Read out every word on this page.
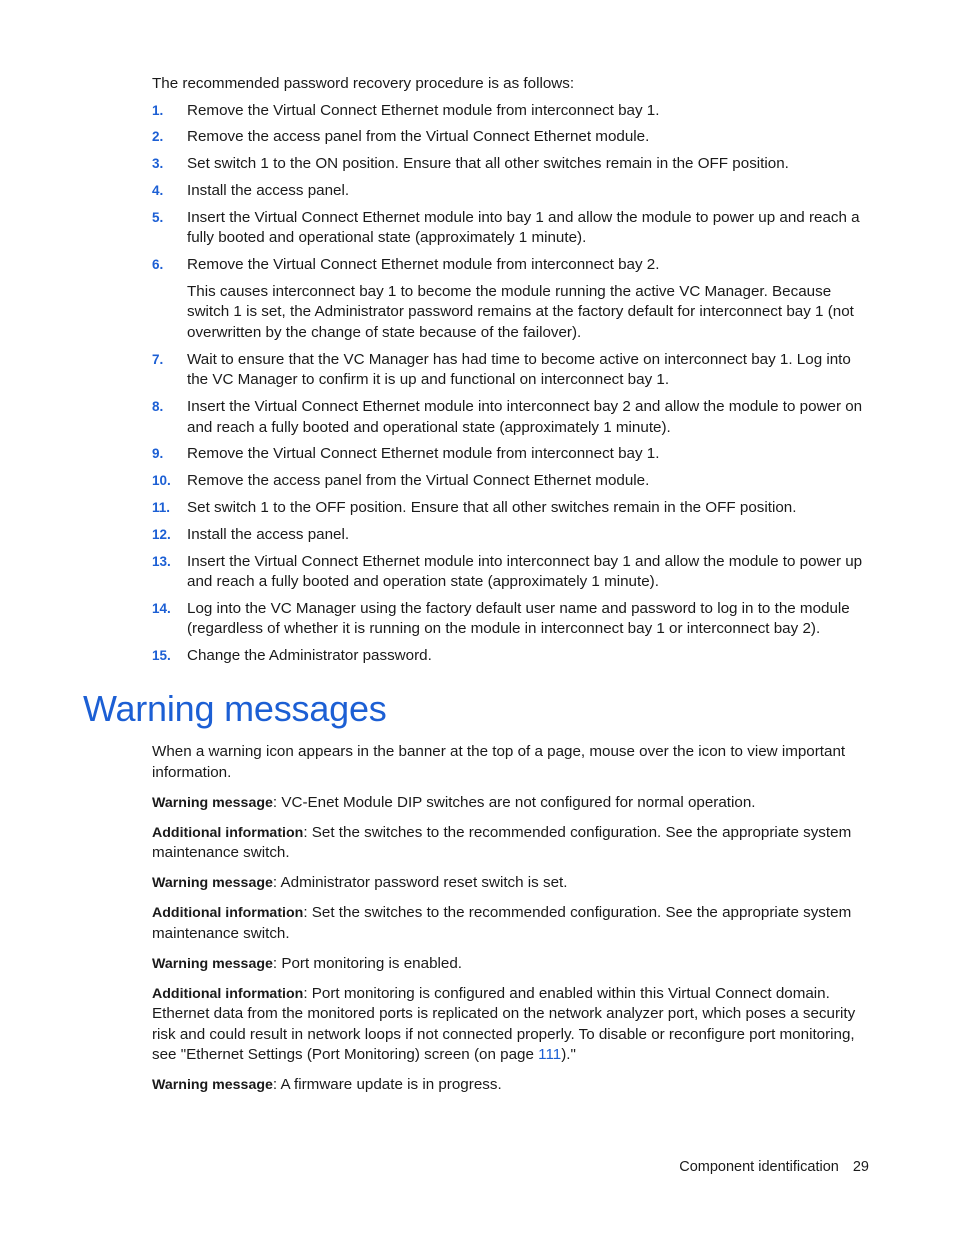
The recommended password recovery procedure is as follows:

1. Remove the Virtual Connect Ethernet module from interconnect bay 1.
2. Remove the access panel from the Virtual Connect Ethernet module.
3. Set switch 1 to the ON position. Ensure that all other switches remain in the OFF position.
4. Install the access panel.
5. Insert the Virtual Connect Ethernet module into bay 1 and allow the module to power up and reach a fully booted and operational state (approximately 1 minute).
6. Remove the Virtual Connect Ethernet module from interconnect bay 2.

This causes interconnect bay 1 to become the module running the active VC Manager. Because switch 1 is set, the Administrator password remains at the factory default for interconnect bay 1 (not overwritten by the change of state because of the failover).

7. Wait to ensure that the VC Manager has had time to become active on interconnect bay 1. Log into the VC Manager to confirm it is up and functional on interconnect bay 1.
8. Insert the Virtual Connect Ethernet module into interconnect bay 2 and allow the module to power on and reach a fully booted and operational state (approximately 1 minute).
9. Remove the Virtual Connect Ethernet module from interconnect bay 1.
10. Remove the access panel from the Virtual Connect Ethernet module.
11. Set switch 1 to the OFF position. Ensure that all other switches remain in the OFF position.
12. Install the access panel.
13. Insert the Virtual Connect Ethernet module into interconnect bay 1 and allow the module to power up and reach a fully booted and operation state (approximately 1 minute).
14. Log into the VC Manager using the factory default user name and password to log in to the module (regardless of whether it is running on the module in interconnect bay 1 or interconnect bay 2).
15. Change the Administrator password.
Warning messages

When a warning icon appears in the banner at the top of a page, mouse over the icon to view important information.

Warning message: VC-Enet Module DIP switches are not configured for normal operation.

Additional information: Set the switches to the recommended configuration. See the appropriate system maintenance switch.

Warning message: Administrator password reset switch is set.

Additional information: Set the switches to the recommended configuration. See the appropriate system maintenance switch.

Warning message: Port monitoring is enabled.

Additional information: Port monitoring is configured and enabled within this Virtual Connect domain. Ethernet data from the monitored ports is replicated on the network analyzer port, which poses a security risk and could result in network loops if not connected properly. To disable or reconfigure port monitoring, see "Ethernet Settings (Port Monitoring) screen (on page 111)."

Warning message: A firmware update is in progress.

Component identification 29
